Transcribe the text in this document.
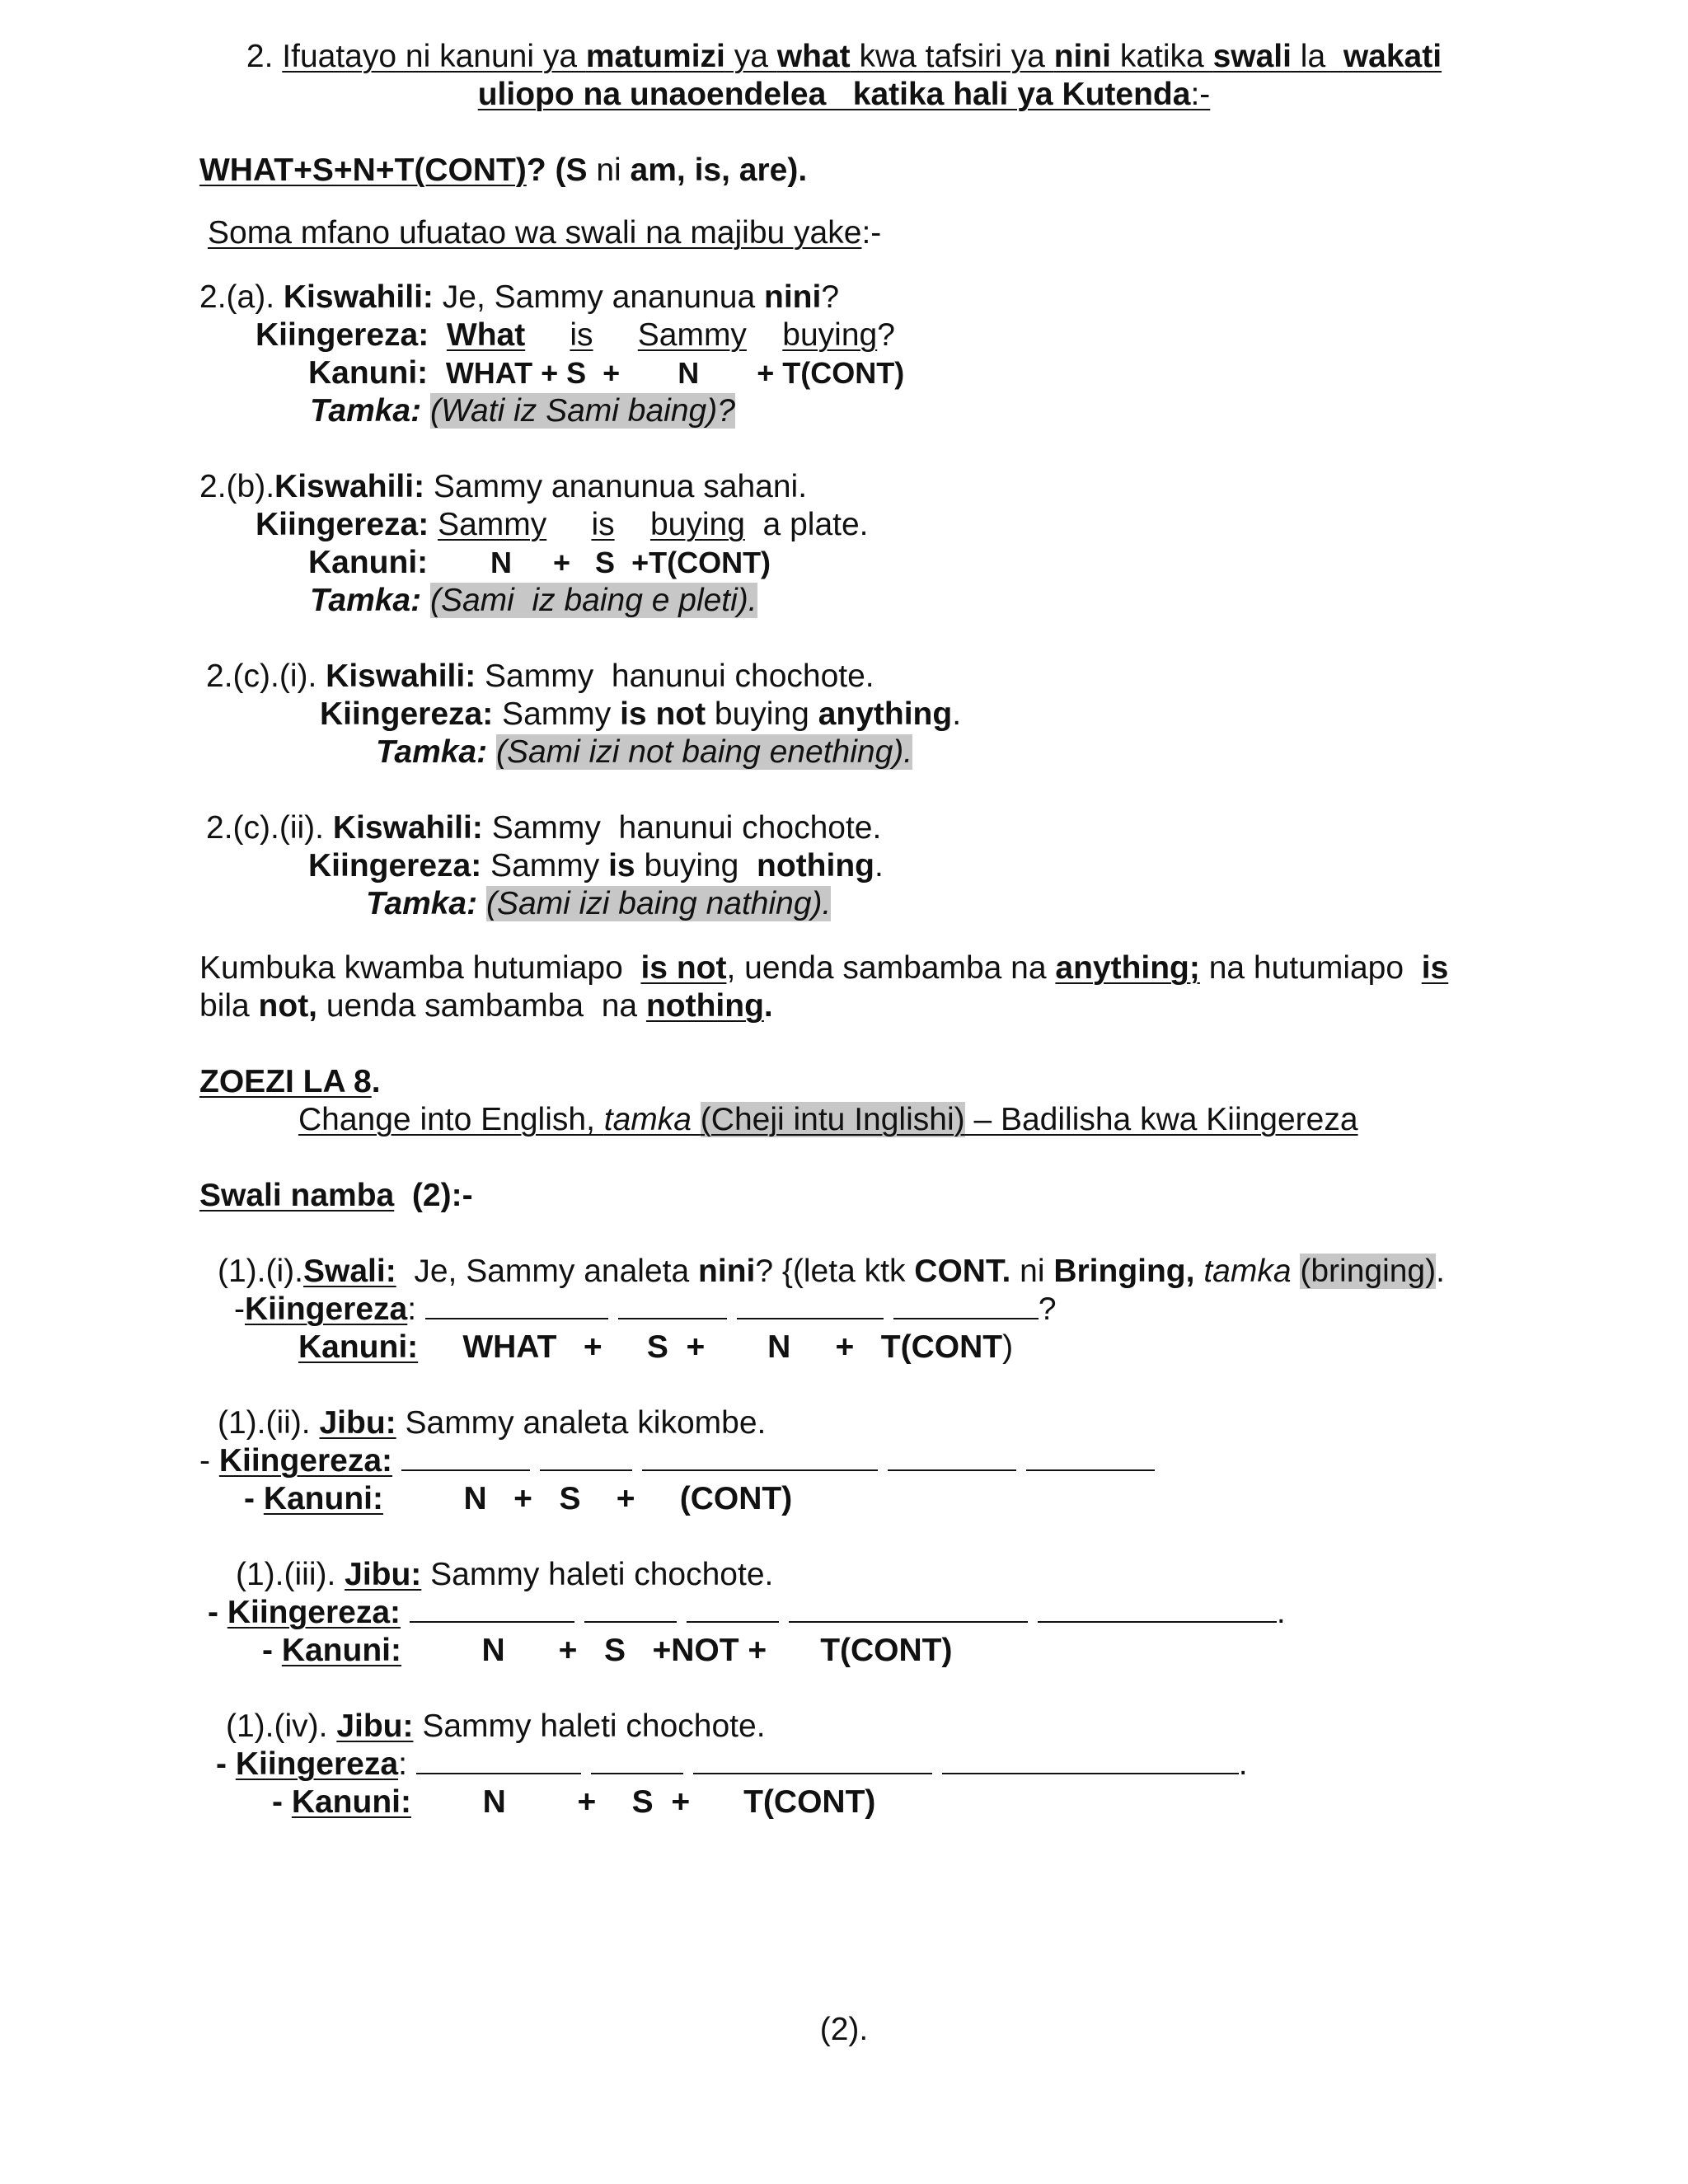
2. Ifuatayo ni kanuni ya matumizi ya what kwa tafsiri ya nini katika swali la  wakati
uliopo na unaoendelea   katika hali ya Kutenda:-
WHAT+S+N+T(CONT)? (S ni am, is, are).
Soma mfano ufuatao wa swali na majibu yake:-
2.(a). Kiswahili: Je, Sammy ananunua nini?
Kiingereza: What is Sammy buying?
Kanuni: WHAT + S  +       N       + T(CONT)
Tamka: (Wati iz Sami baing)?
2.(b).Kiswahili: Sammy ananunua sahani.
Kiingereza: Sammy is buying  a plate.
Kanuni: N     +   S  +T(CONT)
Tamka: (Sami  iz baing e pleti).
2.(c).(i). Kiswahili: Sammy  hanunui chochote.
Kiingereza: Sammy is not buying anything.
Tamka: (Sami izi not baing enething).
2.(c).(ii). Kiswahili: Sammy  hanunui chochote.
Kiingereza: Sammy is buying  nothing.
Tamka: (Sami izi baing nathing).
Kumbuka kwamba hutumiapo  is not, uenda sambamba na anything; na hutumiapo  is
bila not, uenda sambamba  na nothing.
ZOEZI LA 8.
Change into English, tamka (Cheji intu Inglishi) – Badilisha kwa Kiingereza
Swali namba  (2):-
(1).(i).Swali:  Je, Sammy analeta nini? {(leta ktk CONT. ni Bringing, tamka (bringing).
-Kiingereza:	?
Kanuni:     WHAT   +     S  +       N     +   T(CONT)
(1).(ii). Jibu: Sammy analeta kikombe.
- Kiingereza:
- Kanuni:         N   +   S    +     (CONT)
(1).(iii). Jibu: Sammy haleti chochote.
- Kiingereza:	.
- Kanuni:         N      +   S   +NOT +      T(CONT)
(1).(iv). Jibu: Sammy haleti chochote.
- Kiingereza:	.
- Kanuni:        N        +    S  +      T(CONT)
(2).
